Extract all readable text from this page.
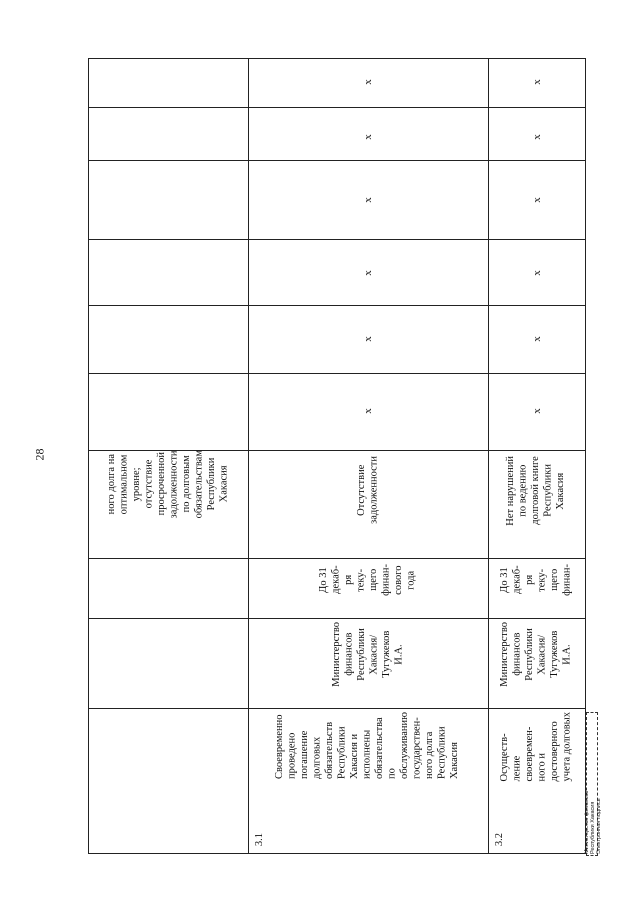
28
ного долга на
оптимальном
уровне;
отсутствие
просроченной
задолженности
по долговым
обязательствам
Республики
Хакасия
x
x
x
x
x
x
Отсутствие
задолженности
До 31
декаб-
ря
теку-
щего
финан-
сового
года
Министерство
финансов
Республики
Хакасия/
Тугужеков
И.А.
Своевременно
проведено
погашение
долговых
обязательств
Республики
Хакасия и
исполнены
обязательства
по
обслуживанию
государствен-
ного долга
Республики
Хакасия
3.1
x
x
x
x
x
x
Нет нарушений
по ведению
долговой книге
Республики
Хакасия
До 31
декаб-
ря
теку-
щего
финан-
Министерство
финансов
Республики
Хакасия/
Тугужеков
И.А.
Осуществ-
ление
своевремен-
ного и
достоверного
учета долговых
3.2	Министерство финансов
Республики Хакасия
Электронная подпись
